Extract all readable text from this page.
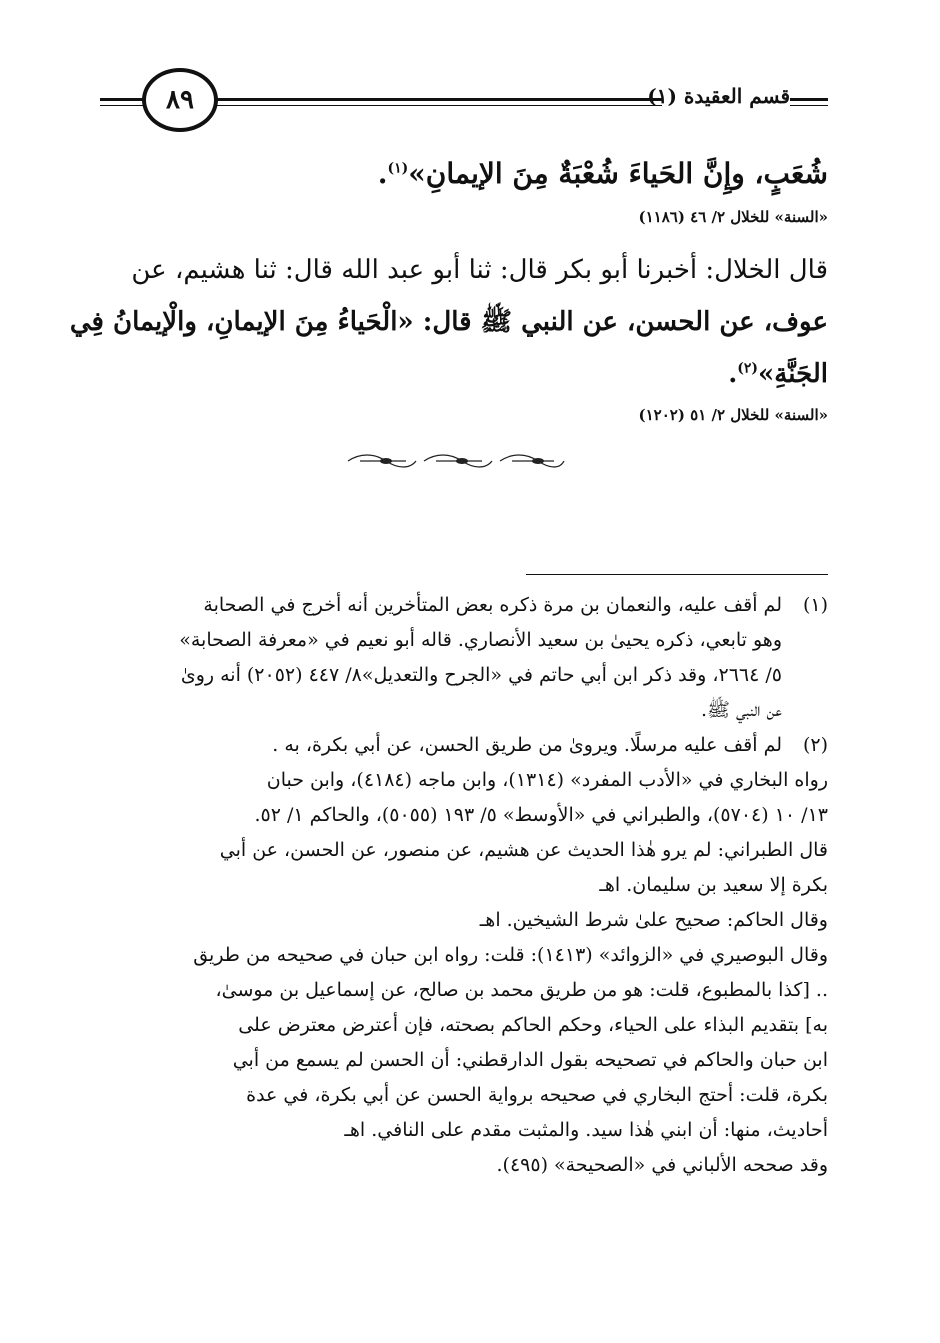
٨٩	قسم العقيدة (١)
شُعَبٍ، وإِنَّ الحَياءَ شُعْبَةٌ مِنَ الإيمانِ»$^{(١)}$.
«السنة» للخلال ٢/ ٤٦ (١١٨٦)
قال الخلال: أخبرنا أبو بكر قال: ثنا أبو عبد الله قال: ثنا هشيم، عن
عوف، عن الحسن، عن النبي ﷺ قال: «الْحَياءُ مِنَ الإيمانِ، والْإيمانُ فِي
الجَنَّةِ»$^{(٢)}$.
«السنة» للخلال ٢/ ٥١ (١٢٠٢)
(١)
لم أقف عليه، والنعمان بن مرة ذكره بعض المتأخرين أنه أخرج في الصحابة
وهو تابعي، ذكره يحيىٰ بن سعيد الأنصاري. قاله أبو نعيم في «معرفة الصحابة»
٥/ ٢٦٦٤، وقد ذكر ابن أبي حاتم في «الجرح والتعديل»٨/ ٤٤٧ (٢٠٥٢) أنه روىٰ
عن النبي ﷺ.
(٢)
لم أقف عليه مرسلًا. ويروىٰ من طريق الحسن، عن أبي بكرة، به .
رواه البخاري في «الأدب المفرد» (١٣١٤)، وابن ماجه (٤١٨٤)، وابن حبان
١٣/ ١٠ (٥٧٠٤)، والطبراني في «الأوسط» ٥/ ١٩٣ (٥٠٥٥)، والحاكم ١/ ٥٢.
قال الطبراني: لم يرو هٰذا الحديث عن هشيم، عن منصور، عن الحسن، عن أبي
بكرة إلا سعيد بن سليمان. اهـ
وقال الحاكم: صحيح علىٰ شرط الشيخين. اهـ
وقال البوصيري في «الزوائد» (١٤١٣): قلت: رواه ابن حبان في صحيحه من طريق
.. [كذا بالمطبوع، قلت: هو من طريق محمد بن صالح، عن إسماعيل بن موسىٰ،
به] بتقديم البذاء على الحياء، وحكم الحاكم بصحته، فإن أعترض معترض على
ابن حبان والحاكم في تصحيحه بقول الدارقطني: أن الحسن لم يسمع من أبي
بكرة، قلت: أحتج البخاري في صحيحه برواية الحسن عن أبي بكرة، في عدة
أحاديث، منها: أن ابني هٰذا سيد. والمثبت مقدم على النافي. اهـ
وقد صححه الألباني في «الصحيحة» (٤٩٥).
